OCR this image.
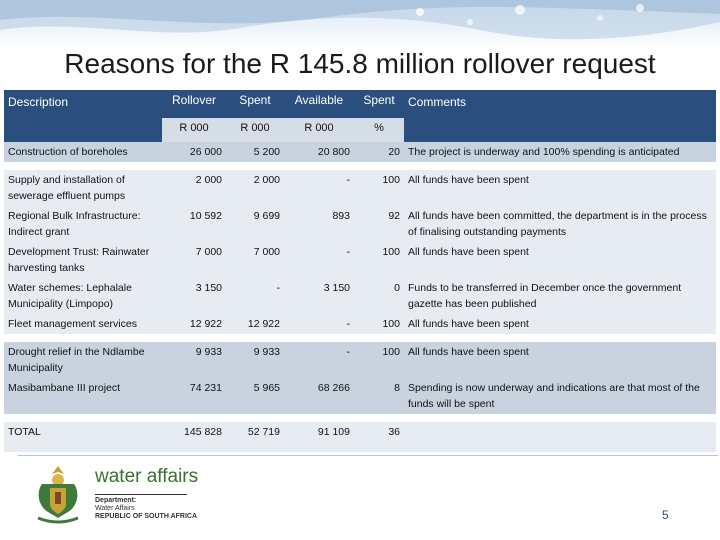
Reasons for the R 145.8 million rollover request
Description	Rollover	Spent	Available	Spent	Comments
	R 000	R 000	R 000	%	
Construction of boreholes	26 000	5 200	20 800	20	The project is underway and 100% spending is anticipated

Supply and installation of sewerage effluent pumps	2 000	2 000	-	100	All funds have been spent
Regional Bulk Infrastructure: Indirect grant	10 592	9 699	893	92	All funds have been committed, the department is in the process of finalising outstanding payments
Development Trust: Rainwater harvesting tanks	7 000	7 000	-	100	All funds have been spent
Water schemes: Lephalale Municipality (Limpopo)	3 150	-	3 150	0	Funds to be transferred in December once the government gazette has been published
Fleet management services	12 922	12 922	-	100	All funds have been spent

Drought relief in the Ndlambe Municipality	9 933	9 933	-	100	All funds have been spent
Masibambane III project	74 231	5 965	68 266	8	Spending is now underway and indications are that most of the funds will be spent

TOTAL	145 828	52 719	91 109	36	
water affairs
Department:
Water Affairs
REPUBLIC OF SOUTH AFRICA	5
